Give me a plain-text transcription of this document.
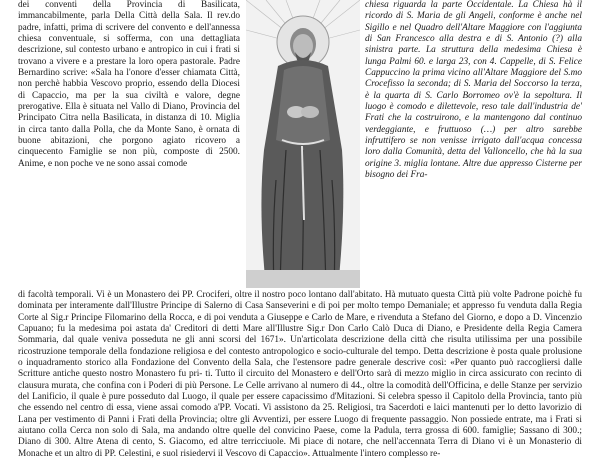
dei conventi della Provincia di Basilicata, immancabilmente, parla Della Città della Sala. Il rev.do padre, infatti, prima di scrivere del convento e dell'annessa chiesa conventuale, si sofferma, con una dettagliata descrizione, sul contesto urbano e antropico in cui i frati si trovano a vivere e a prestare la loro opera pastorale. Padre Bernardino scrive: «Sala ha l'onore d'esser chiamata Città, non perchè habbia Vescovo proprio, essendo della Diocesi di Capaccio, ma per la sua civiltà e valore, degne prerogative. Ella è situata nel Vallo di Diano, Provincia del Principato Citra nella Basilicata, in distanza di 10. Miglia in circa tanto dalla Polla, che da Monte Sano, è ornata di buone abitazioni, che porgono agiato ricovero a cinquecento Famiglie se non più, composte di 2500. Anime, e non poche ve ne sono assai comode

chiesa riguarda la parte Occidentale. La Chiesa hà il ricordo di S. Maria de gli Angeli, conforme è anche nel Sigillo e nel Quadro dell'Altare Maggiore con l'aggiunta di San Francesco alla destra e di S. Antonio (?) alla sinistra parte. La struttura della medesima Chiesa è lunga Palmi 60. e larga 23, con 4. Cappelle, di S. Felice Cappuccino la prima vicino all'Altare Maggiore del S.mo Crocefisso la seconda; di S. Maria del Soccorso la terza, è la quarta di S. Carlo Borromeo ov'è la sepoltura. Il luogo è comodo e dilettevole, reso tale dall'industria de' Frati che la costruirono, e la mantengono dal continuo verdeggiante, e fruttuoso (…) per altro sarebbe infruttifero se non venisse irrigato dall'acqua concessa loro dalla Comunità, detta del Valloncello, che hà la sua origine 3. miglia lontane. Altre due appresso Cisterne per bisogno dei Fra-

di facoltà temporali. Vi è un Monastero dei PP. Crociferi, oltre il nostro poco lontano dall'abitato. Hà mutuato questa Città più volte Padrone poichè fu dominata per interamente dall'Illustre Principe di Salerno di Casa Sanseverini e di poi per molto tempo Demaniale; et appresso fu venduta dalla Regia Corte al Sig.r Principe Filomarino della Rocca, e di poi venduta a Giuseppe e Carlo de Mare, e rivenduta a Stefano del Giorno, e dopo a D. Vincenzio Capuano; fu la medesima poi astata da' Creditori di detti Mare all'Illustre Sig.r Don Carlo Calò Duca di Diano, e Presidente della Regia Camera Sommaria, dal quale veniva posseduta ne gli anni scorsi del 1671». Un'articolata descrizione della città che risulta utilissima per una possibile ricostruzione temporale della fondazione religiosa e del contesto antropologico e socio-culturale del tempo. Detta descrizione è posta quale prolusione o inquadramento storico alla Fondazione del Convento della Sala, che l'estensore padre generale descrive così: «Per quanto può raccogliersi dalle Scritture antiche questo nostro Monastero fu pri- ti. Tutto il circuito del Monastero e dell'Orto sarà di mezzo miglio in circa assicurato con recinto di clausura murata, che confina con i Poderi di più Persone. Le Celle arrivano al numero di 44., oltre la comodità dell'Officina, e delle Stanze per servizio del Lanificio, il quale è pure posseduto dal Luogo, il quale per essere capacissimo d'Mitazioni. Si celebra spesso il Capitolo della Provincia, tanto più che essendo nel centro di essa, viene assai comodo a'PP. Vocati. Vi assistono da 25. Religiosi, tra Sacerdoti e laici mantenuti per lo detto lavorizio di Lana per vestimento di Panni i Frati della Provincia; oltre gli Avventizi, per essere Luogo di frequente passaggio. Non possiede entrate, ma i Frati si aiutano colla Cerca non solo di Sala, ma andando oltre quelle del convicino Paese, come la Padula, terra grossa di 600. famiglie; Sassano di 300.; Diano di 300. Altre Atena di cento, S. Giacomo, ed altre terricciuole. Mi piace di notare, che nell'accennata Terra di Diano vi è un Monasterio di Monache et un altro di PP. Celestini, e suol risiedervi il Vescovo di Capaccio». Attualmente l'intero complesso re-
